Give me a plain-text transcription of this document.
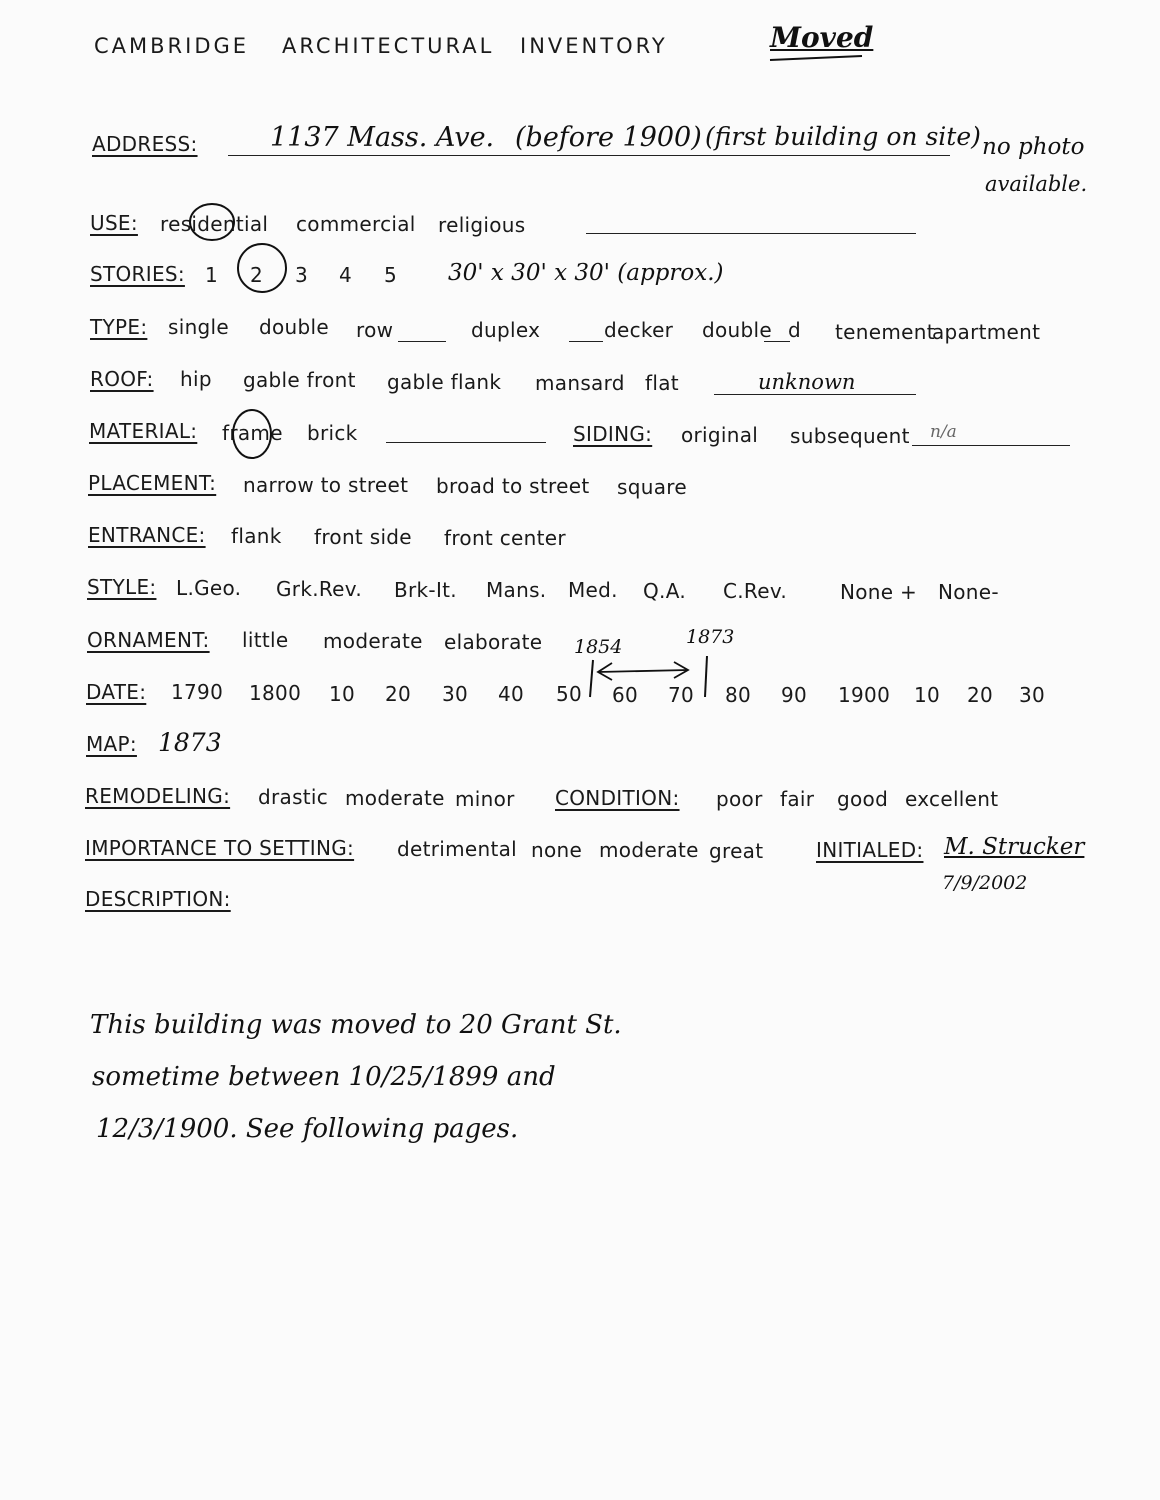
CAMBRIDGE ARCHITECTURAL INVENTORY	Moved
ADDRESS:	1137 Mass. Ave. (before 1900) (first building on site) no photo
available.
USE: residential commercial religious
STORIES: 1 2 3 4 5 30' x 30' x 30' (approx.)
TYPE: single double row	duplex	decker double d tenement
apartment
ROOF: hip gable front gable flank mansard flat	unknown
MATERIAL: frame brick	SIDING: original subsequent n/a
PLACEMENT: narrow to street broad to street square
ENTRANCE: flank front side front center
STYLE: L.Geo. Grk.Rev. Brk-It. Mans. Med. Q.A. C.Rev.	None + None-
ORNAMENT: little moderate elaborate 1854	1873
DATE: 1790 1800 10 20 30 40 50 60 70 80 90 1900 10 20 30
MAP: 1873
REMODELING: drastic moderate minor CONDITION: poor fair good excellent
IMPORTANCE TO SETTING: detrimental none moderate great	INITIALED: M. Strucker
7/9/2002
DESCRIPTION:
This building was moved to 20 Grant St.
sometime between 10/25/1899 and
12/3/1900. See following pages.
